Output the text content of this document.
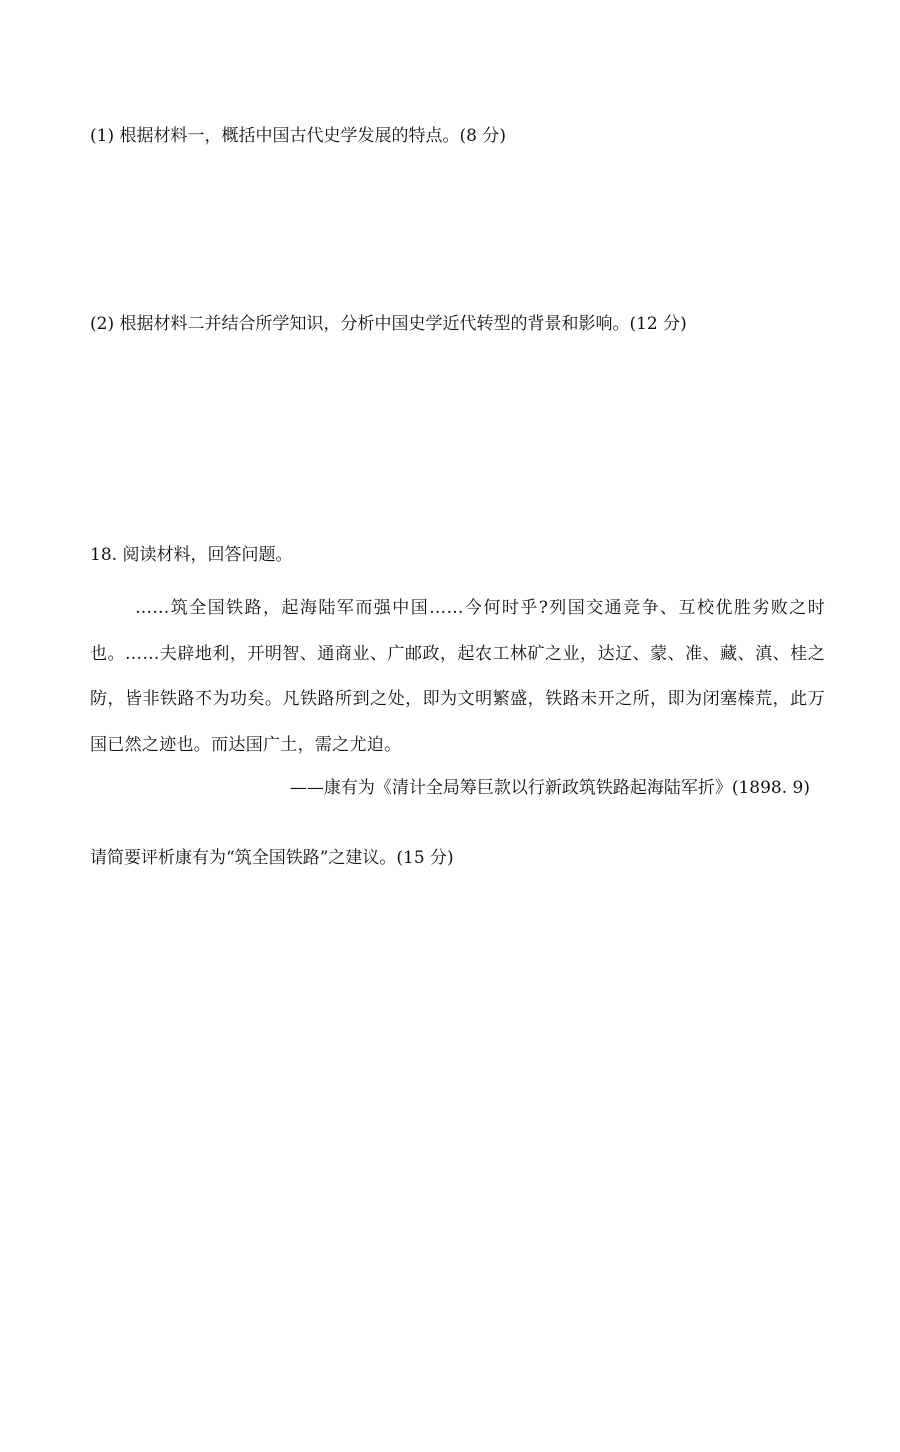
(1) 根据材料一，概括中国古代史学发展的特点。(8 分)
(2) 根据材料二并结合所学知识，分析中国史学近代转型的背景和影响。(12 分)
18. 阅读材料，回答问题。
……筑全国铁路，起海陆军而强中国……今何时乎?列国交通竞争、互校优胜劣败之时也。……夫辟地利，开明智、通商业、广邮政，起农工林矿之业，达辽、蒙、准、藏、滇、桂之防，皆非铁路不为功矣。凡铁路所到之处，即为文明繁盛，铁路未开之所，即为闭塞榛荒，此万国已然之迹也。而达国广土，需之尤迫。
——康有为《清计全局筹巨款以行新政筑铁路起海陆军折》(1898. 9)
请简要评析康有为“筑全国铁路”之建议。(15 分)
